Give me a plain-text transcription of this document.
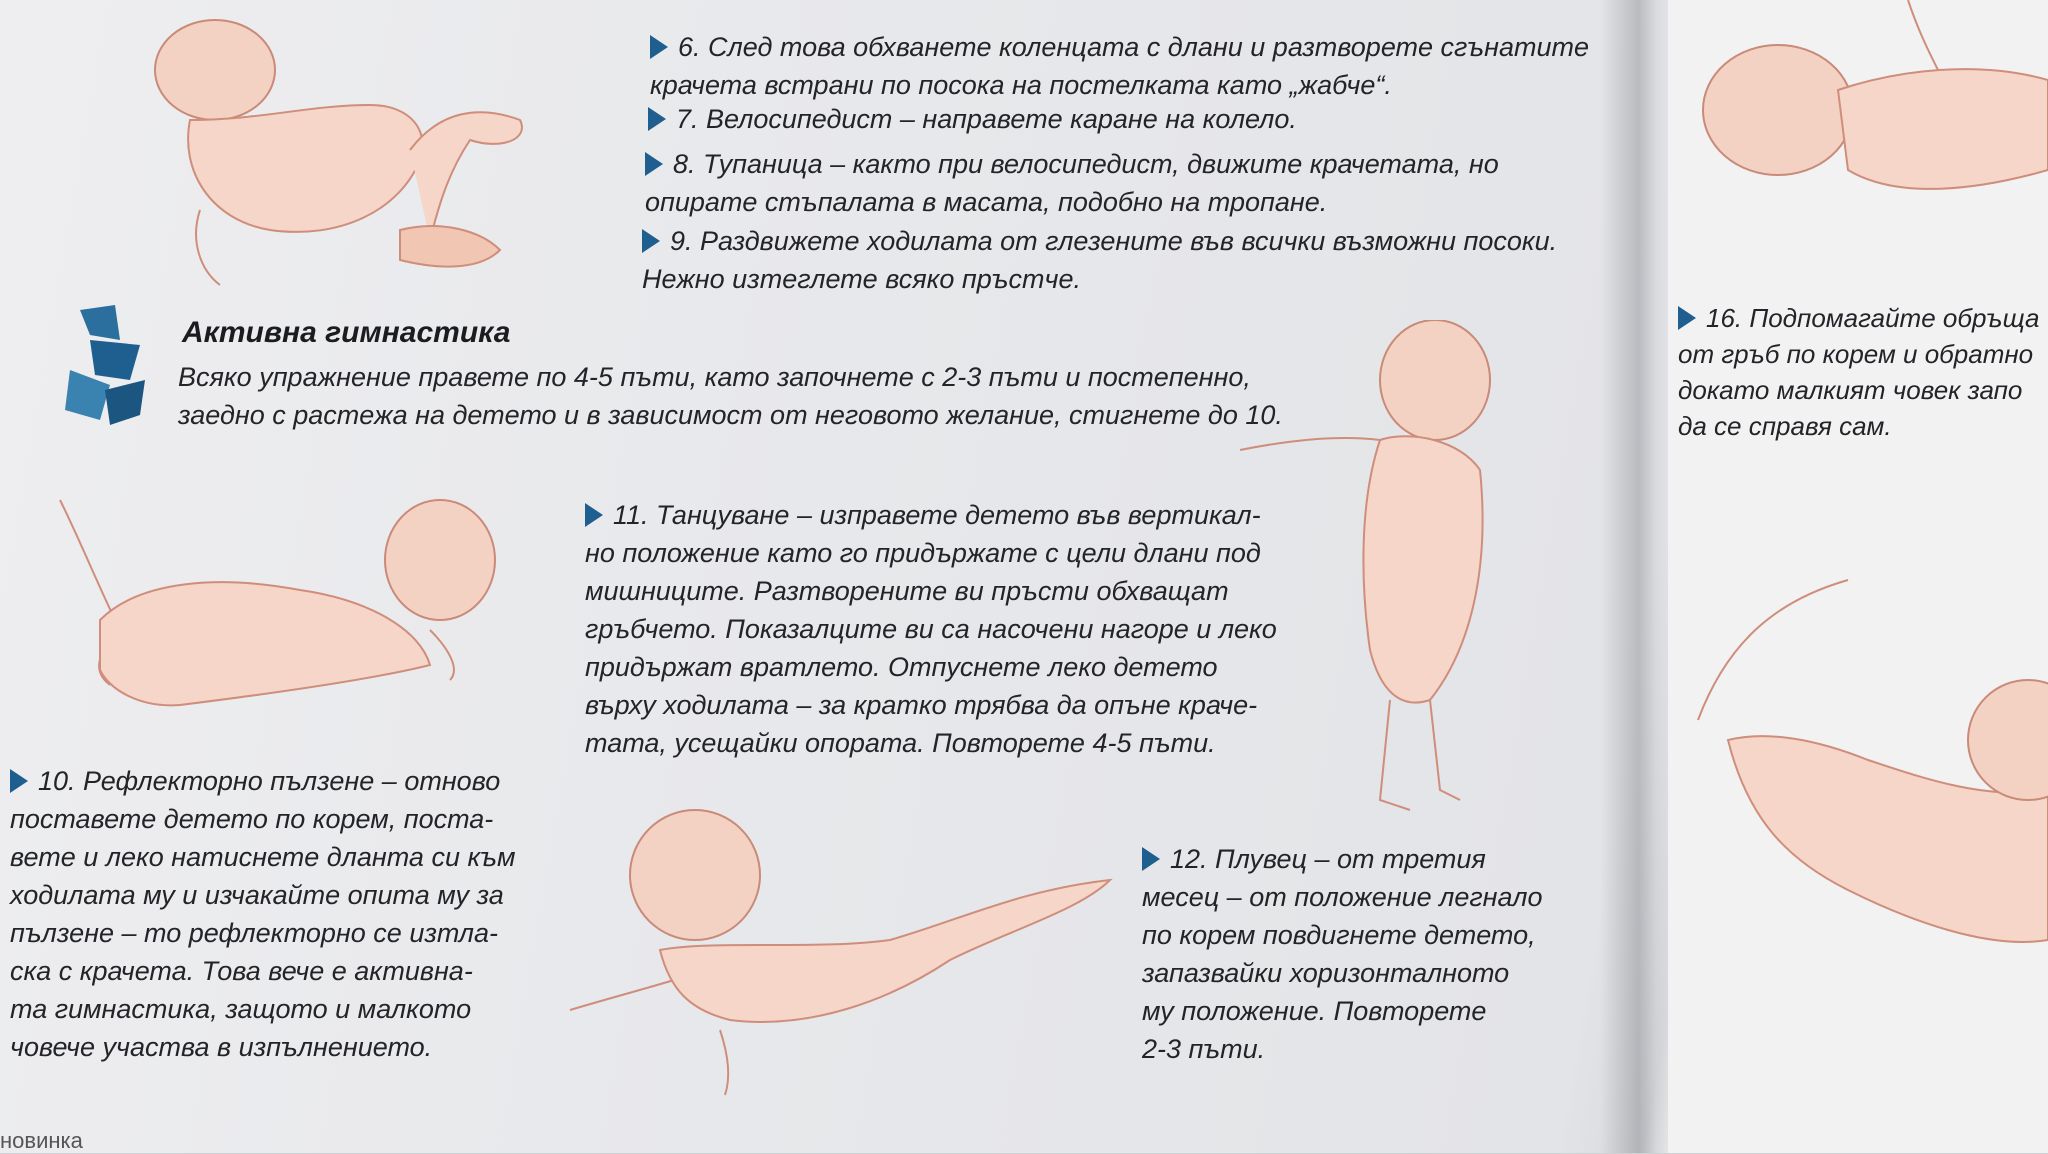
6. След това обхванете коленцата с длани и разтворете сгънатите
крачета встрани по посока на постелката като „жабче“.
7. Велосипедист – направете каране на колело.
8. Тупаница – както при велосипедист, движите крачетата, но
опирате стъпалата в масата, подобно на тропане.
9. Раздвижете ходилата от глезените във всички възможни посоки.
Нежно изтеглете всяко пръстче.
Активна гимнастика
Всяко упражнение правете по 4-5 пъти, като започнете с 2-3 пъти и постепенно,
заедно с растежа на детето и в зависимост от неговото желание, стигнете до 10.
11. Танцуване – изправете детето във вертикал-
но положение като го придържате с цели длани под
мишниците. Разтворените ви пръсти обхващат
гръбчето. Показалците ви са насочени нагоре и леко
придържат вратлето. Отпуснете леко детето
върху ходилата – за кратко трябва да опъне краче-
тата, усещайки опората. Повторете 4-5 пъти.
10. Рефлекторно пълзене – отново
поставете детето по корем, поста-
вете и леко натиснете дланта си към
ходилата му и изчакайте опита му за
пълзене – то рефлекторно се изтла-
ска с крачета. Това вече е активна-
та гимнастика, защото и малкото
човече участва в изпълнението.
12. Плувец – от третия
месец – от положение легнало
по корем повдигнете детето,
запазвайки хоризонталното
му положение. Повторете
2-3 пъти.
новинка
16. Подпомагайте обръща
от гръб по корем и обратно
докато малкият човек запо
да се справя сам.
